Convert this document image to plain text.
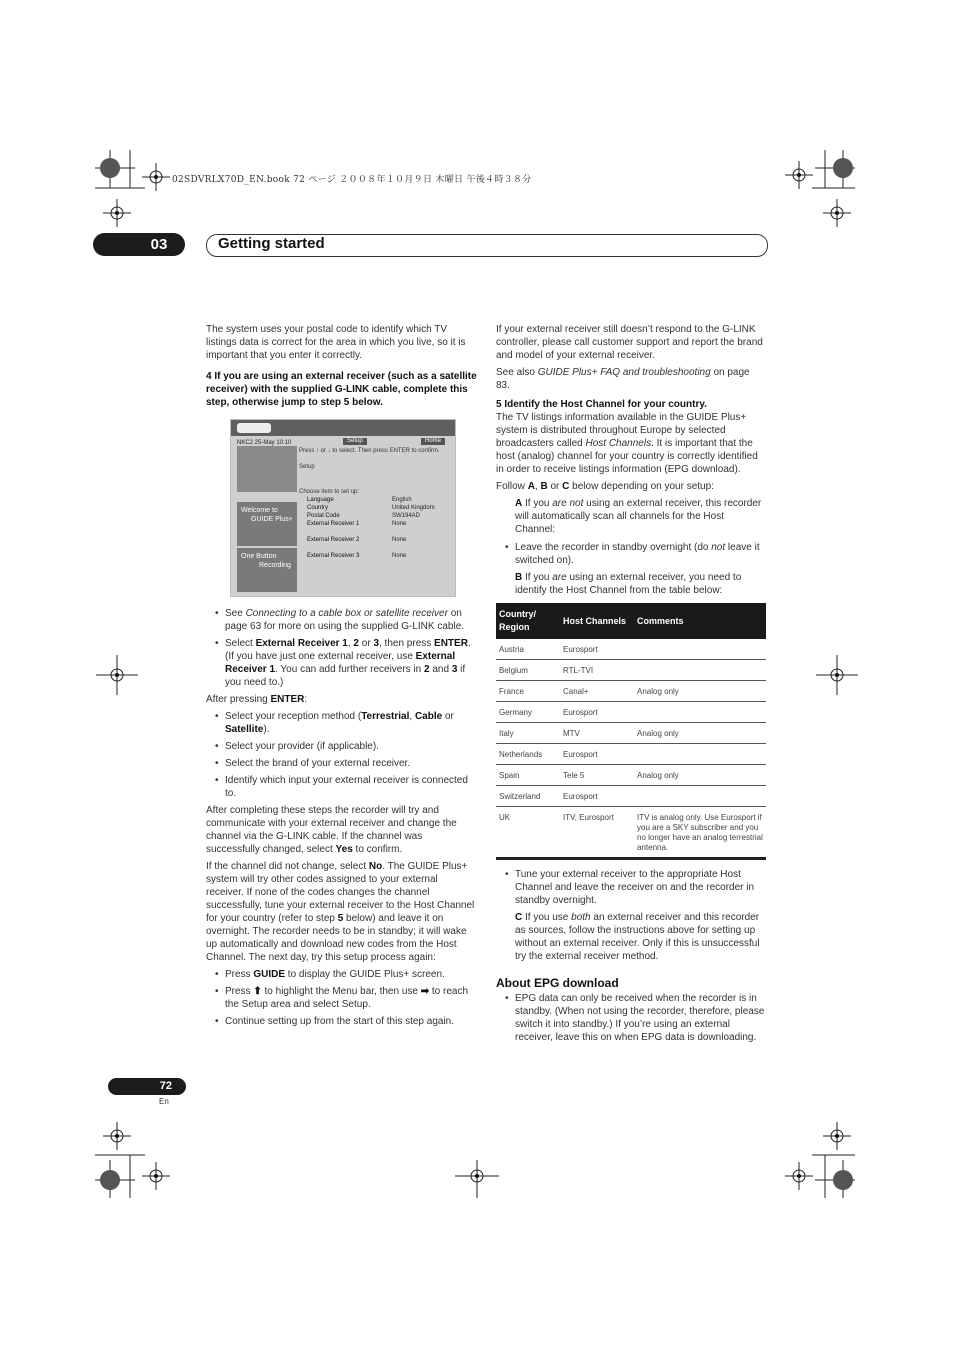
02SDVRLX70D_EN.book 72 ページ ２００８年１０月９日 木曜日 午後４時３８分
03	Getting started

The system uses your postal code to identify which TV listings data is correct for the area in which you live, so it is important that you enter it correctly.

4 If you are using an external receiver (such as a satellite receiver) with the supplied G-LINK cable, complete this step, otherwise jump to step 5 below.

NKC2 25-May 10:10	Setup	Home
Welcome to
GUIDE Plus+
One Button
Recording
Press ↑ or ↓ to select. Then press ENTER to confirm.
Setup
Choose item to set up:
Language	English
Country	United Kingdom
Postal Code	SW194AD
External Receiver 1	None
External Receiver 2	None
External Receiver 3	None
• See Connecting to a cable box or satellite receiver on page 63 for more on using the supplied G-LINK cable.
• Select External Receiver 1, 2 or 3, then press ENTER. (If you have just one external receiver, use External Receiver 1. You can add further receivers in 2 and 3 if you need to.)

After pressing ENTER:

• Select your reception method (Terrestrial, Cable or Satellite).
• Select your provider (if applicable).
• Select the brand of your external receiver.
• Identify which input your external receiver is connected to.

After completing these steps the recorder will try and communicate with your external receiver and change the channel via the G-LINK cable. If the channel was successfully changed, select Yes to confirm.

If the channel did not change, select No. The GUIDE Plus+ system will try other codes assigned to your external receiver. If none of the codes changes the channel successfully, tune your external receiver to the Host Channel for your country (refer to step 5 below) and leave it on overnight. The recorder needs to be in standby; it will wake up automatically and download new codes from the Host Channel. The next day, try this setup process again:

• Press GUIDE to display the GUIDE Plus+ screen.
• Press ⬆ to highlight the Menu bar, then use ➡ to reach the Setup area and select Setup.
• Continue setting up from the start of this step again.

If your external receiver still doesn’t respond to the G-LINK controller, please call customer support and report the brand and model of your external receiver.

See also GUIDE Plus+ FAQ and troubleshooting on page 83.

5 Identify the Host Channel for your country.

The TV listings information available in the GUIDE Plus+ system is distributed throughout Europe by selected broadcasters called Host Channels. It is important that the host (analog) channel for your country is correctly identified in order to receive listings information (EPG download).

Follow A, B or C below depending on your setup:

A If you are not using an external receiver, this recorder will automatically scan all channels for the Host Channel:

• Leave the recorder in standby overnight (do not leave it switched on).

B If you are using an external receiver, you need to identify the Host Channel from the table below:

Country/ Region	Host Channels	Comments
Austria	Eurosport	
Belgium	RTL-TVI	
France	Canal+	Analog only
Germany	Eurosport	
Italy	MTV	Analog only
Netherlands	Eurosport	
Spain	Tele 5	Analog only
Switzerland	Eurosport	
UK	ITV, Eurosport	ITV is analog only. Use Eurosport if you are a SKY subscriber and you no longer have an analog terrestrial antenna.
• Tune your external receiver to the appropriate Host Channel and leave the receiver on and the recorder in standby overnight.

C If you use both an external receiver and this recorder as sources, follow the instructions above for setting up without an external receiver. Only if this is unsuccessful try the external receiver method.

About EPG download
• EPG data can only be received when the recorder is in standby. (When not using the recorder, therefore, please switch it into standby.) If you’re using an external receiver, leave this on when EPG data is downloading.
72
En
